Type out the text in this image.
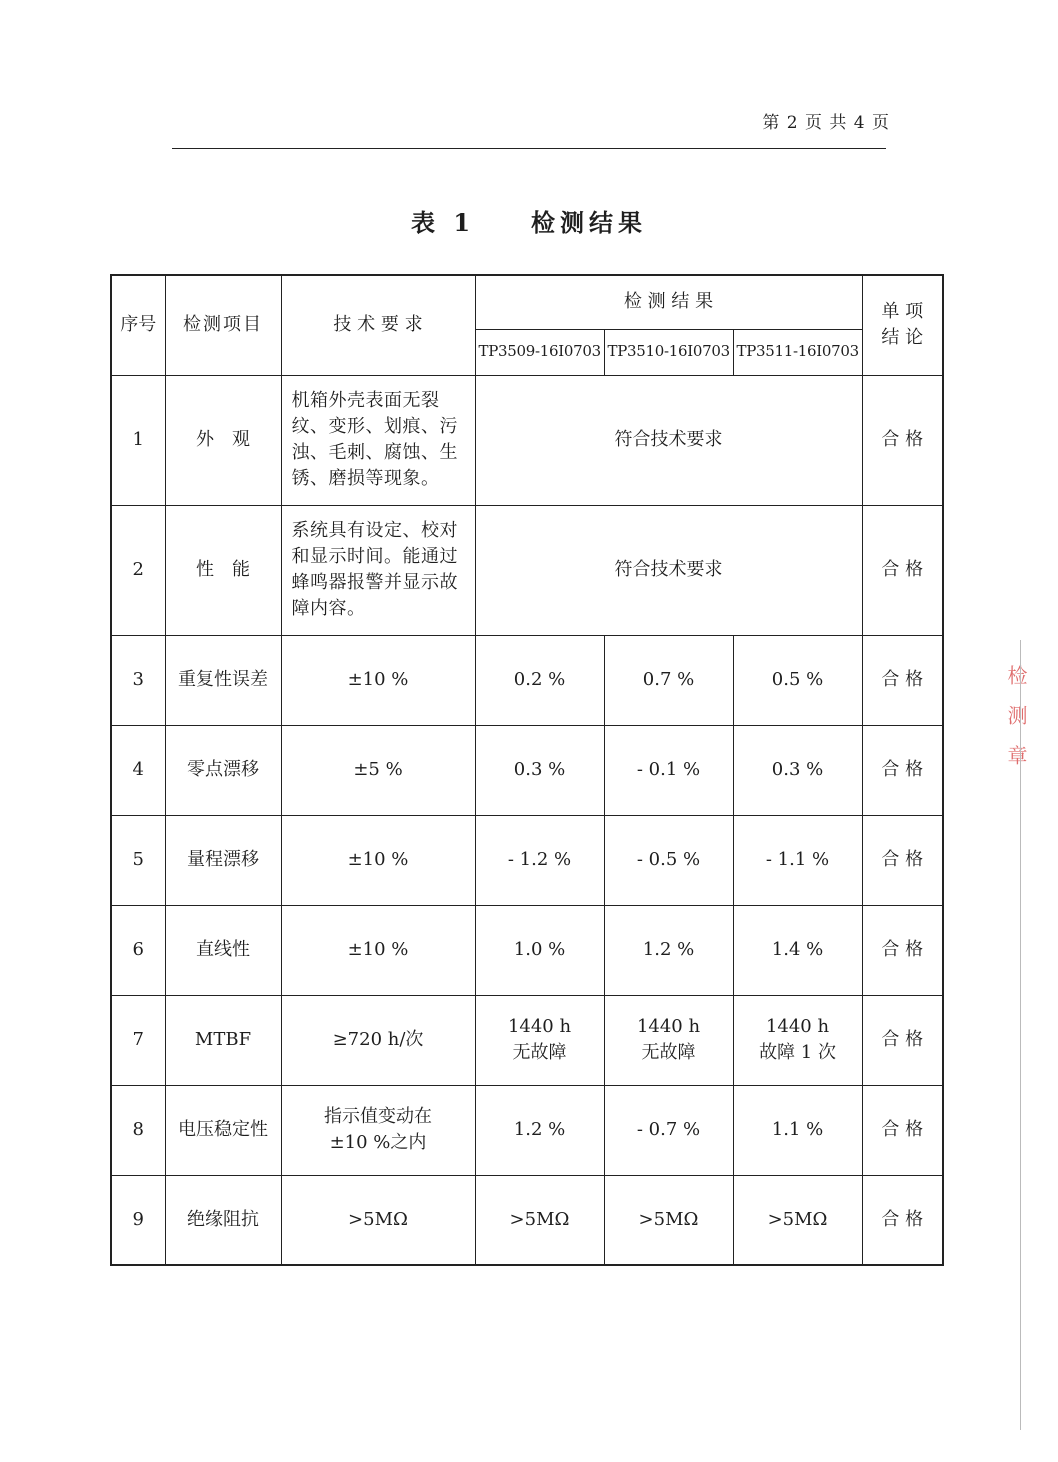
第 2 页 共 4 页
表 1 检测结果
序号	检测项目	技 术 要 求	检 测 结 果			单 项
结 论
			TP3509-16I0703	TP3510-16I0703	TP3511-16I0703	
1	外　观	机箱外壳表面无裂纹、变形、划痕、污浊、毛刺、腐蚀、生锈、磨损等现象。	符合技术要求			合 格
2	性　能	系统具有设定、校对和显示时间。能通过蜂鸣器报警并显示故障内容。	符合技术要求			合 格
3	重复性误差	±10 %	0.2 %	0.7 %	0.5 %	合 格
4	零点漂移	±5 %	0.3 %	- 0.1 %	0.3 %	合 格
5	量程漂移	±10 %	- 1.2 %	- 0.5 %	- 1.1 %	合 格
6	直线性	±10 %	1.0 %	1.2 %	1.4 %	合 格
7	MTBF	≥720 h/次	1440 h
无故障	1440 h
无故障	1440 h
故障 1 次	合 格
8	电压稳定性	指示值变动在
±10 %之内	1.2 %	- 0.7 %	1.1 %	合 格
9	绝缘阻抗	>5MΩ	>5MΩ	>5MΩ	>5MΩ	合 格
检测章
